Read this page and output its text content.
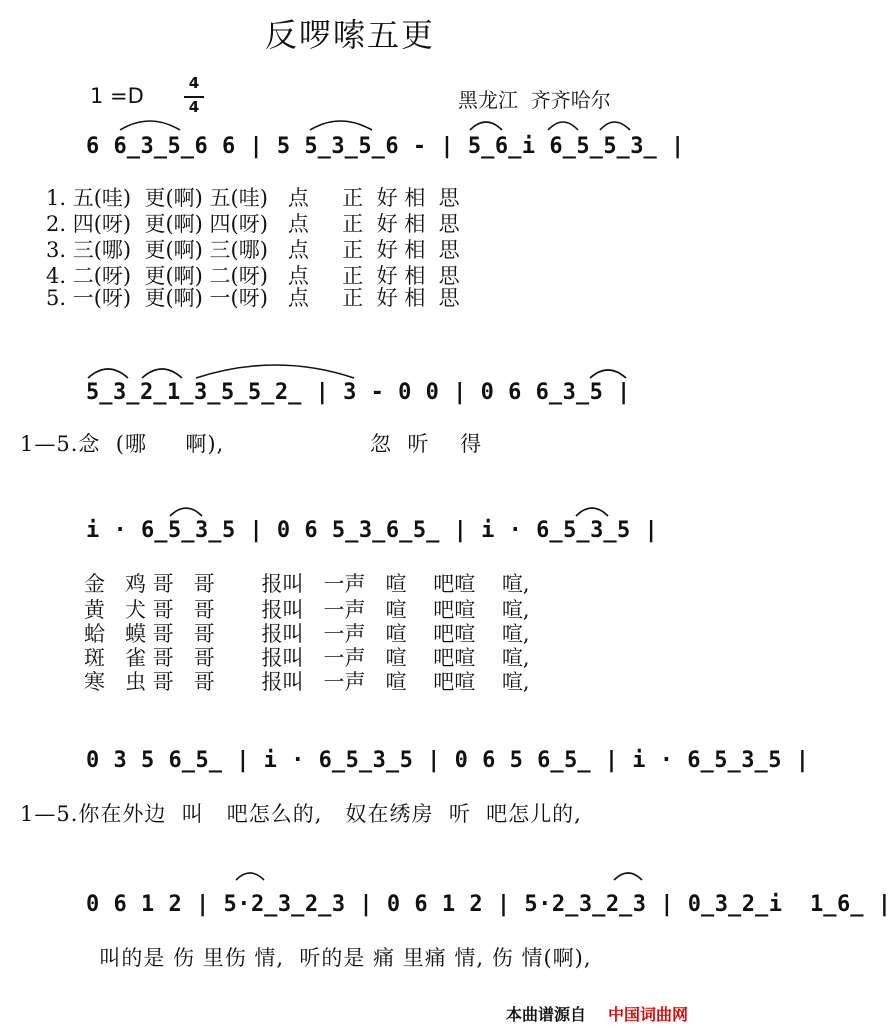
反啰嗦五更
1 =D
4
4	黑龙江  齐齐哈尔
6 6̲3̲5̲6 6 | 5 5̲3̲5̲6 - | 5̲6̲i 6̲5̲5̲3̲ |
1. 五(哇)  更(啊) 五(哇)   点     正  好 相  思
2. 四(呀)  更(啊) 四(呀)   点     正  好 相  思
3. 三(哪)  更(啊) 三(哪)   点     正  好 相  思
4. 二(呀)  更(啊) 二(呀)   点     正  好 相  思
5. 一(呀)  更(啊) 一(呀)   点     正  好 相  思
5̲3̲2̲1̲3̲5̲5̲2̲ | 3 - 0 0 | 0 6 6̲3̲5 |
1—5.念  (哪     啊),                   忽  听    得
i · 6̲5̲3̲5 | 0 6 5̲3̲6̲5̲ | i · 6̲5̲3̲5 |
金   鸡 哥   哥       报叫   一声   喧    吧喧    喧,
黄   犬 哥   哥       报叫   一声   喧    吧喧    喧,
蛤   蟆 哥   哥       报叫   一声   喧    吧喧    喧,
斑   雀 哥   哥       报叫   一声   喧    吧喧    喧,
寒   虫 哥   哥       报叫   一声   喧    吧喧    喧,
0 3 5 6̲5̲ | i · 6̲5̲3̲5 | 0 6 5 6̲5̲ | i · 6̲5̲3̲5 |
1—5.你在外边  叫   吧怎么的,   奴在绣房  听  吧怎儿的,
0 6 1 2 | 5·2̲3̲2̲3 | 0 6 1 2 | 5·2̲3̲2̲3 | 0̲3̲2̲i  1̲6̲ |
叫的是 伤 里伤 情,  听的是 痛 里痛 情, 伤 情(啊),
本曲谱源自 中国词曲网
